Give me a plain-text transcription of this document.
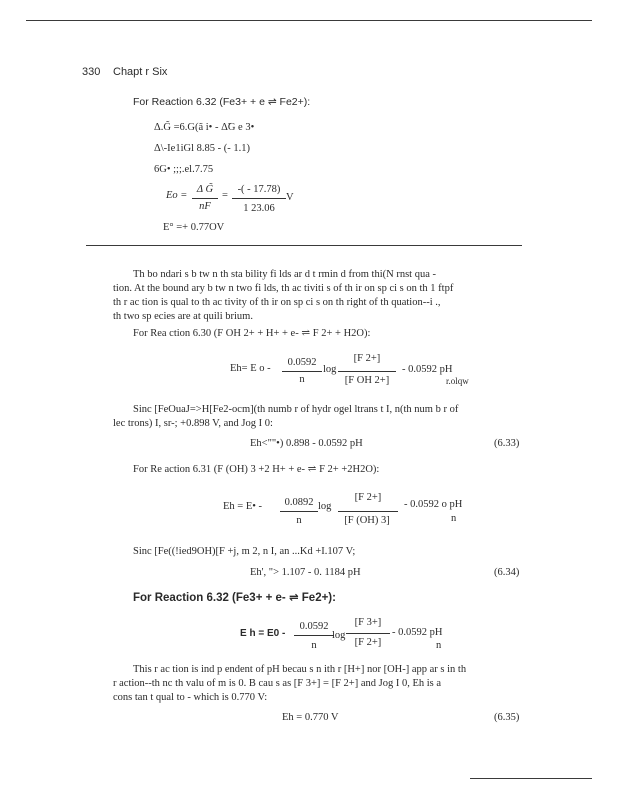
330 Chapt r Six
For Reaction 6.32 (Fe3+ + e ⇌ Fe2+):
Δ.G̃ =6.G(ã i• - Δ̃G e 3•
Δ\-Ie1iGl 8.85 - (- 1.1)
6G• ;;;.el.7.75
Eo =
Δ G̃
nF
=
-( - 17.78)
1 23.06
V
E° =+ 0.77OV
Th bo ndari s b tw n th sta bility fi lds ar d t rmin d from thi(N rnst qua -
tion. At the bound ary b tw n two fi lds, th ac tiviti s of th ir on sp ci s on th 1 ftpf
th r ac tion is qual to th ac tivity of th ir on sp ci s on th right of th quation--i .,
th two sp ecies are at quili brium.
For Rea ction 6.30 (F OH 2+ + H+ + e- ⇌ F 2+ + H2O):
Eh= E o -
0.0592
n
log
[F 2+]
[F OH 2+]
- 0.0592 pH
r.olqw
Sinc [FeOuaJ=>H[Fe2-ocm](th numb r of hydr ogel ltrans t I, n(th num b r of
lec trons) I, sr-; +0.898 V, and Jog I 0:
Eh<""•) 0.898 - 0.0592 pH	(6.33)
For Re action 6.31 (F (OH) 3 +2 H+ + e- ⇌ F 2+ +2H2O):
Eh = E• -	0.0892
n
log
[F 2+]
[F (OH) 3]
- 0.0592 o pH
n
Sinc [Fe((!ied9OH)[F +j, m 2, n I, an ...Kd +I.107 V;
Eh', "> 1.107 - 0. 1184 pH	(6.34)
For Reaction 6.32 (Fe3+ + e- ⇌ Fe2+):
E h = E0 -
0.0592
n
log
[F 3+]
[F 2+]
- 0.0592 pH
n
This r ac tion is ind p endent of pH becau s n ith r [H+] nor [OH-] app ar s in th
r action--th nc th valu of m is 0. B cau s as [F 3+] = [F 2+] and Jog I 0, Eh is a
cons tan t qual to - which is 0.770 V:
Eh = 0.770 V	(6.35)
